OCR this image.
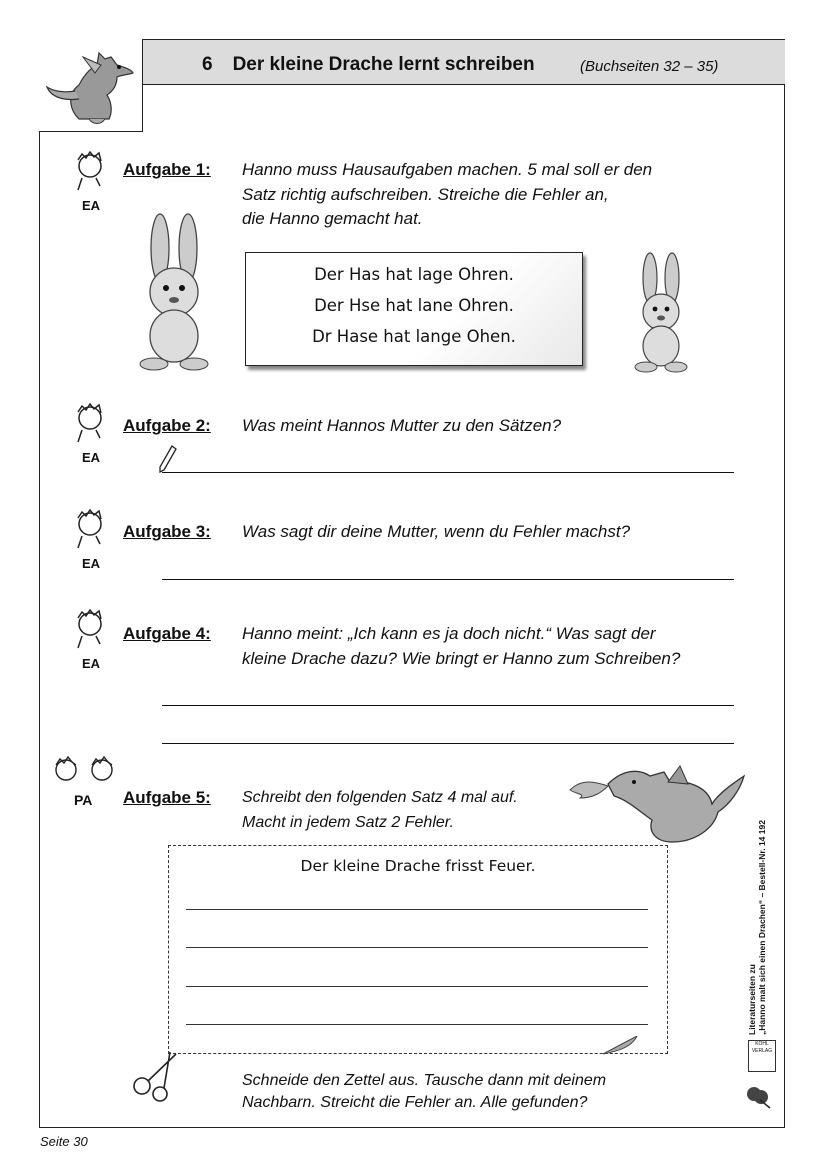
6 Der kleine Drache lernt schreiben	(Buchseiten 32 – 35)
EA
Aufgabe 1: Hanno muss Hausaufgaben machen. 5 mal soll er den
Satz richtig aufschreiben. Streiche die Fehler an,
die Hanno gemacht hat.
Der Has hat lage Ohren.
Der Hse hat lane Ohren.
Dr Hase hat lange Ohen.
EA
Aufgabe 2: Was meint Hannos Mutter zu den Sätzen?
EA
Aufgabe 3: Was sagt dir deine Mutter, wenn du Fehler machst?
EA
Aufgabe 4: Hanno meint: „Ich kann es ja doch nicht.“ Was sagt der
kleine Drache dazu? Wie bringt er Hanno zum Schreiben?
PA Aufgabe 5: Schreibt den folgenden Satz 4 mal auf.
Macht in jedem Satz 2 Fehler.
Der kleine Drache frisst Feuer.
Schneide den Zettel aus. Tausche dann mit deinem
Nachbarn. Streicht die Fehler an. Alle gefunden?
Literaturseiten zu „Hanno malt sich einen Drachen“ – Bestell-Nr. 14 192
KOHL VERLAG
Seite 30
